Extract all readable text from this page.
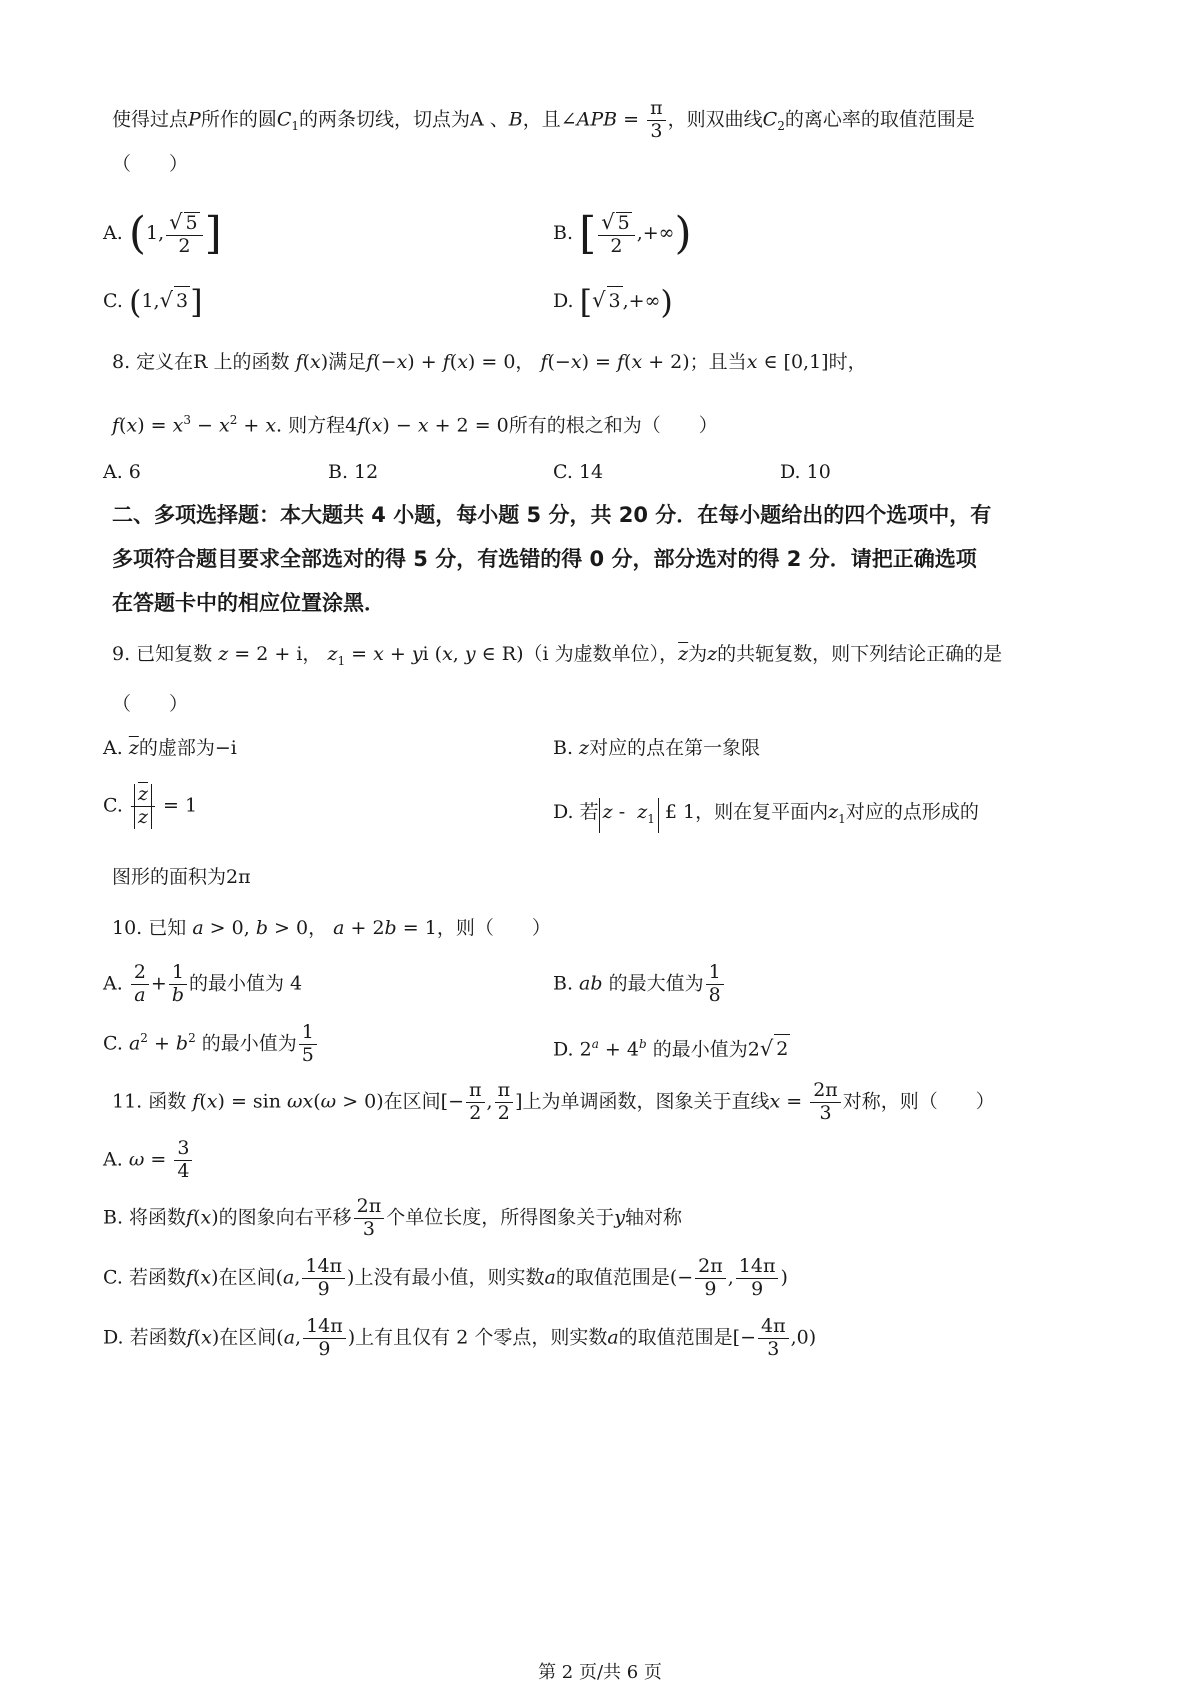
使得过点P所作的圆$C_1$的两条切线，切点为A 、B，且∠APB = $\frac{\pi}{3}$ ，则双曲线$C_2$的离心率的取值范围是
（　　）
A. (1, $\frac{√ 5}{2}$ ]	B. [ $\frac{√ 5}{2}$ ,+∞)
C. (1,√ 3]	D. [√ 3 ,+∞)
8. 定义在R 上的函数 f(x)满足f(−x) + f(x) = 0， f(−x) = f(x + 2)；且当x ∈ [0,1]时，
$f(x) = x^3 - x^2 + x$. 则方程4f(x) − x + 2 = 0所有的根之和为（　　）
A. 6	B. 12	C. 14	D. 10
二、多项选择题：本大题共 4 小题，每小题 5 分，共 20 分．在每小题给出的四个选项中，有
多项符合题目要求全部选对的得 5 分，有选错的得 0 分，部分选对的得 2 分．请把正确选项
在答题卡中的相应位置涂黑．
9. 已知复数 z = 2 + i， $z_1 = x$ + yi (x, y ∈ R)（i 为虚数单位），$\overline{z}$为z的共轭复数，则下列结论正确的是
（　　）
A. $\overline{z}$的虚部为−i	B. z对应的点在第一象限
C. $\frac{\overline{z}}{z} = 1$	D. 若 z -  $z_1$ £ 1，则在复平面内$z_1$对应的点形成的
图形的面积为2π
10. 已知 a > 0, b > 0， a + 2b = 1，则（　　）
A. $\frac{2}{a} + \frac{1}{b}$ 的最小值为 4	B. ab 的最大值为 $\frac{1}{8}$
C. $a^2 + b^2$ 的最小值为 $\frac{1}{5}$	D. $2^a + 4^b$ 的最小值为2√ 2
11. 函数 f(x) = sin ωx(ω > 0)在区间[− $\frac{\pi}{2}$ , $\frac{\pi}{2}$ ]上为单调函数，图象关于直线$x = \frac{2\pi}{3}$ 对称，则（　　）
A. $\omega = \frac{3}{4}$
B. 将函数f(x)的图象向右平移 $\frac{2\pi}{3}$ 个单位长度，所得图象关于y轴对称
C. 若函数f(x)在区间(a, $\frac{14\pi}{9}$ )上没有最小值，则实数a的取值范围是(− $\frac{2\pi}{9}$ , $\frac{14\pi}{9}$ )
D. 若函数f(x)在区间(a, $\frac{14\pi}{9}$ )上有且仅有 2 个零点，则实数a的取值范围是[− $\frac{4\pi}{3} ,0$)
第 2 页/共 6 页
